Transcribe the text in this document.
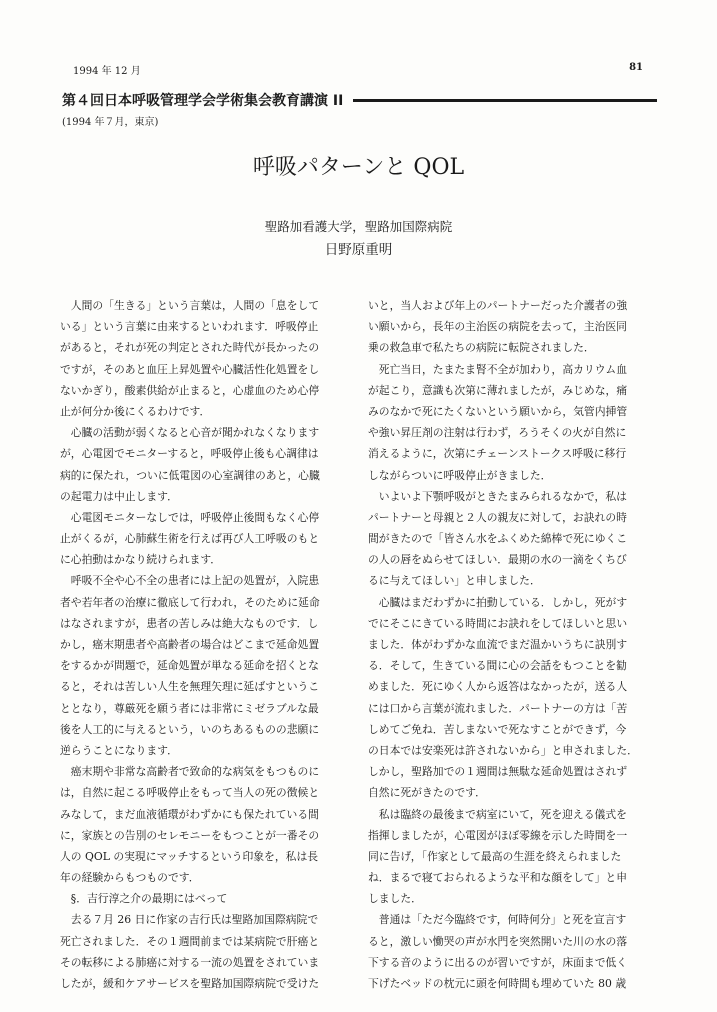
1994 年 12 月	81
第４回日本呼吸管理学会学術集会教育講演 II
(1994 年７月，東京)
呼吸パターンと QOL
聖路加看護大学，聖路加国際病院
日野原重明
　人間の「生きる」という言葉は，人間の「息をして
いる」という言葉に由来するといわれます．呼吸停止
があると，それが死の判定とされた時代が長かったの
ですが，そのあと血圧上昇処置や心臓活性化処置をし
ないかぎり，酸素供給が止まると，心虚血のため心停
止が何分か後にくるわけです．
　心臓の活動が弱くなると心音が聞かれなくなります
が，心電図でモニターすると，呼吸停止後も心調律は
病的に保たれ，ついに低電図の心室調律のあと，心臓
の起電力は中止します．
　心電図モニターなしでは，呼吸停止後間もなく心停
止がくるが，心肺蘇生術を行えば再び人工呼吸のもと
に心拍動はかなり続けられます．
　呼吸不全や心不全の患者には上記の処置が，入院患
者や若年者の治療に徹底して行われ，そのために延命
はなされますが，患者の苦しみは絶大なものです．し
かし，癌末期患者や高齢者の場合はどこまで延命処置
をするかが問題で，延命処置が単なる延命を招くとな
ると，それは苦しい人生を無理矢理に延ばすというこ
ととなり，尊厳死を願う者には非常にミゼラブルな最
後を人工的に与えるという，いのちあるものの悲願に
逆らうことになります．
　癌末期や非常な高齢者で致命的な病気をもつものに
は，自然に起こる呼吸停止をもって当人の死の徴候と
みなして，まだ血液循環がわずかにも保たれている間
に，家族との告別のセレモニーをもつことが一番その
人の QOL の実現にマッチするという印象を，私は長
年の経験からもつものです．
　§．吉行淳之介の最期にはべって
　去る７月 26 日に作家の吉行氏は聖路加国際病院で
死亡されました．その１週間前までは某病院で肝癌と
その転移による肺癌に対する一流の処置をされていま
したが，緩和ケアサービスを聖路加国際病院で受けた
いと，当人および年上のパートナーだった介護者の強
い願いから，長年の主治医の病院を去って，主治医同
乗の救急車で私たちの病院に転院されました．
　死亡当日，たまたま腎不全が加わり，高カリウム血
が起こり，意識も次第に薄れましたが，みじめな，痛
みのなかで死にたくないという願いから，気管内挿管
や強い昇圧剤の注射は行わず，ろうそくの火が自然に
消えるように，次第にチェーンストークス呼吸に移行
しながらついに呼吸停止がきました．
　いよいよ下顎呼吸がときたまみられるなかで，私は
パートナーと母親と２人の親友に対して，お訣れの時
間がきたので「皆さん水をふくめた綿棒で死にゆくこ
の人の唇をぬらせてほしい．最期の水の一滴をくちび
るに与えてほしい」と申しました．
　心臓はまだわずかに拍動している．しかし，死がす
でにそこにきている時間にお訣れをしてほしいと思い
ました．体がわずかな血流でまだ温かいうちに訣別す
る．そして，生きている間に心の会話をもつことを勧
めました．死にゆく人から返答はなかったが，送る人
には口から言葉が流れました．パートナーの方は「苦
しめてご免ね．苦しまないで死なすことができず，今
の日本では安楽死は許されないから」と申されました．
しかし，聖路加での１週間は無駄な延命処置はされず
自然に死がきたのです．
　私は臨終の最後まで病室にいて，死を迎える儀式を
指揮しましたが，心電図がほぼ零線を示した時間を一
同に告げ，「作家として最高の生涯を終えられました
ね．まるで寝ておられるような平和な顔をして」と申
しました．
　普通は「ただ今臨終です，何時何分」と死を宣言す
ると，激しい慟哭の声が水門を突然開いた川の水の落
下する音のように出るのが習いですが，床面まで低く
下げたベッドの枕元に頭を何時間も埋めていた 80 歳
